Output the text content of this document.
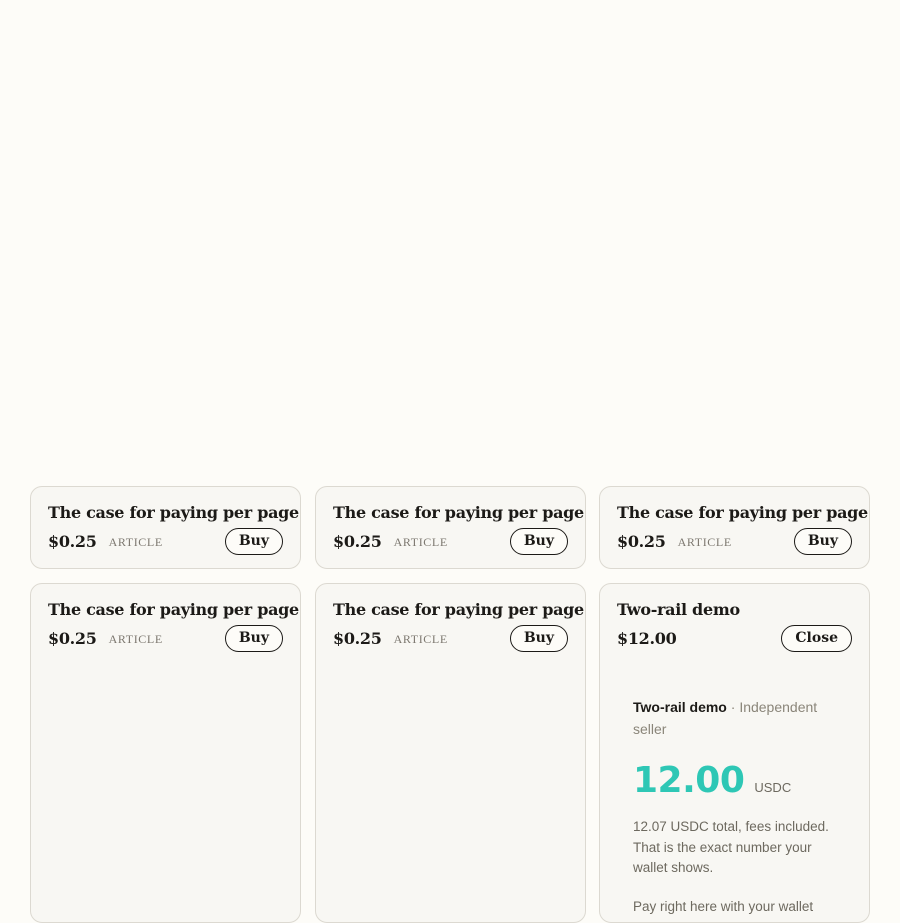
The case for paying per page
$0.25 ARTICLE	Buy
The case for paying per page
$0.25 ARTICLE	Buy
The case for paying per page
$0.25 ARTICLE	Buy
The case for paying per page
$0.25 ARTICLE	Buy
The case for paying per page
$0.25 ARTICLE	Buy
Two-rail demo
$12.00	Close
Two-rail demo · Independent seller
12.00 USDC
12.07 USDC total, fees included. That is the exact number your wallet shows.
Pay right here with your wallet
